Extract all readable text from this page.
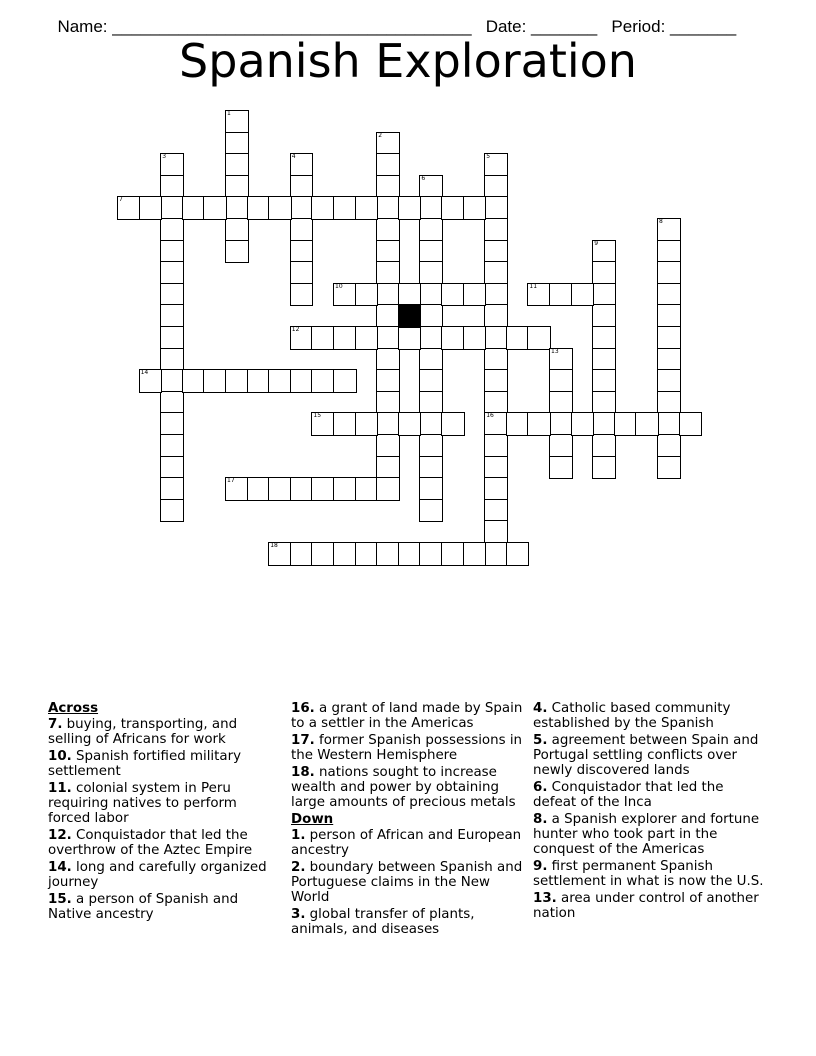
Name: ______________________________________ Date: _______ Period: _______

Spanish Exploration
1
2
3	4	5
16
6
7
8
9
10	11
12
13
14
15
17
18
Across
7. buying, transporting, and selling of Africans for work
10. Spanish fortified military settlement
11. colonial system in Peru requiring natives to perform forced labor
12. Conquistador that led the overthrow of the Aztec Empire
14. long and carefully organized journey
15. a person of Spanish and Native ancestry
16. a grant of land made by Spain to a settler in the Americas
17. former Spanish possessions in the Western Hemisphere
18. nations sought to increase wealth and power by obtaining large amounts of precious metals
Down
1. person of African and European ancestry
2. boundary between Spanish and Portuguese claims in the New World
3. global transfer of plants, animals, and diseases
4. Catholic based community established by the Spanish
5. agreement between Spain and Portugal settling conflicts over newly discovered lands
6. Conquistador that led the defeat of the Inca
8. a Spanish explorer and fortune hunter who took part in the conquest of the Americas
9. first permanent Spanish settlement in what is now the U.S.
13. area under control of another nation
